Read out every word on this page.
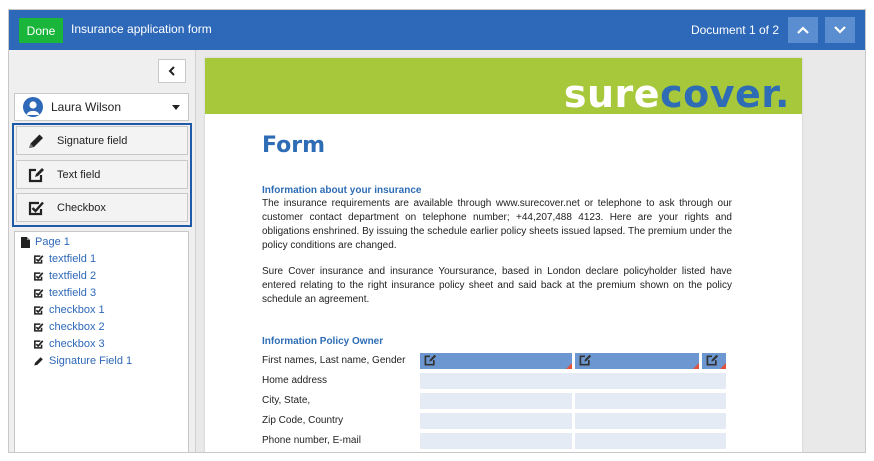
Done	Insurance application form	Document 1 of 2
Laura Wilson
Signature field
Text field
Checkbox
Page 1
textfield 1
textfield 2
textfield 3
checkbox 1
checkbox 2
checkbox 3
Signature Field 1
surecover.
Form
Information about your insurance
The insurance requirements are available through www.surecover.net or telephone to ask through our customer contact department on telephone number; +44,207,488 4123. Here are your rights and obligations enshrined. By issuing the schedule earlier policy sheets issued lapsed. The premium under the policy conditions are changed.
Sure Cover insurance and insurance Yoursurance, based in London declare policyholder listed have entered relating to the right insurance policy sheet and said back at the premium shown on the policy schedule an agreement.
Information Policy Owner
First names, Last name, Gender
Home address
City, State,
Zip Code, Country
Phone number, E-mail
